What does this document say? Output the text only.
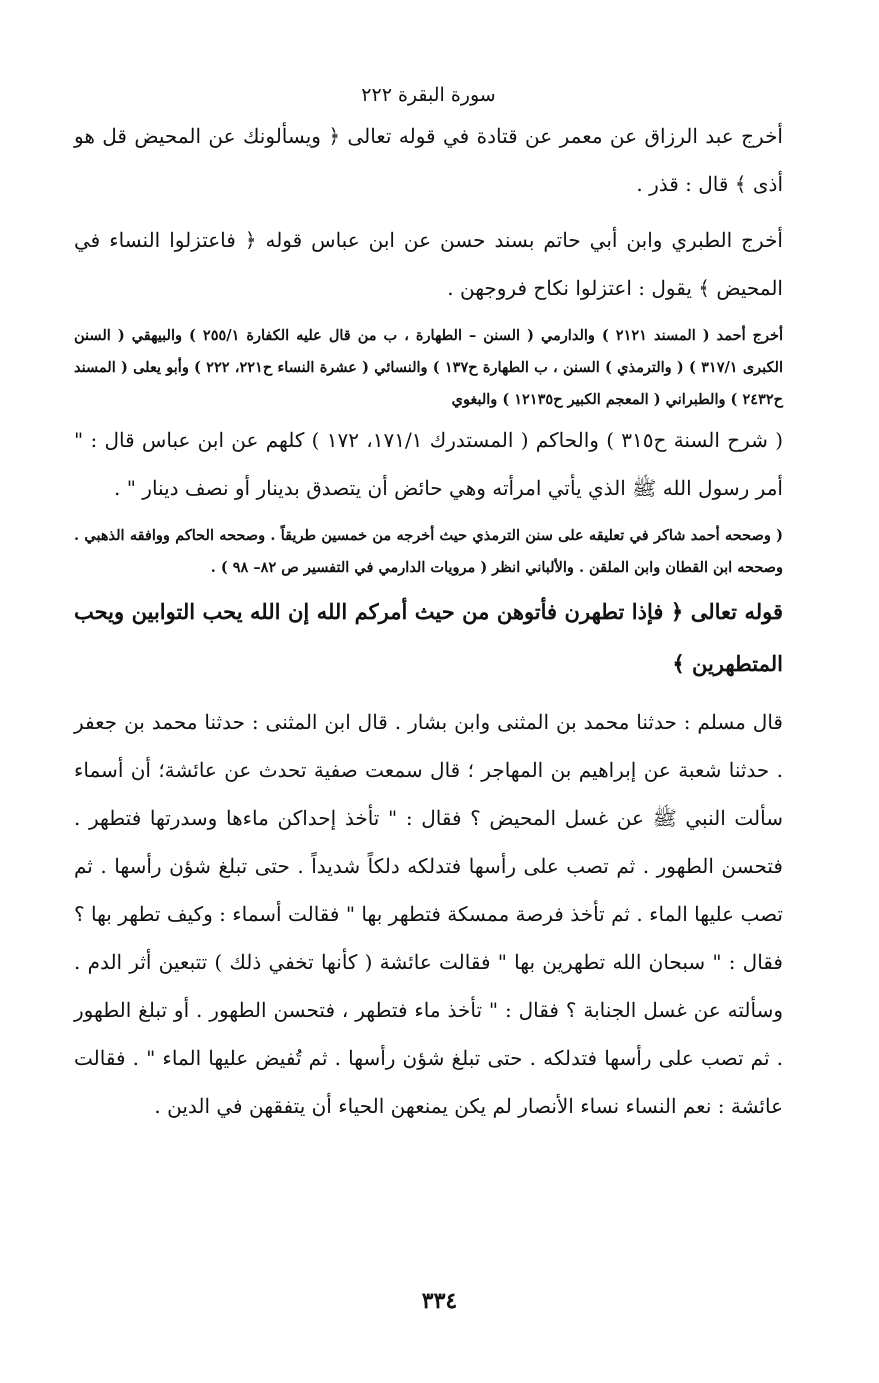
سورة البقرة ٢٢٢

أخرج عبد الرزاق عن معمر عن قتادة في قوله تعالى ﴿ ويسألونك عن المحيض قل هو أذى ﴾ قال : قذر .

أخرج الطبري وابن أبي حاتم بسند حسن عن ابن عباس قوله ﴿ فاعتزلوا النساء في المحيض ﴾ يقول : اعتزلوا نكاح فروجهن .

أخرج أحمد ( المسند ٢١٢١ ) والدارمي ( السنن – الطهارة ، ب من قال عليه الكفارة ٢٥٥/١ ) والبيهقي ( السنن الكبرى ٣١٧/١ ) ( والترمذي ) السنن ، ب الطهارة ح١٣٧ ) والنسائي ( عشرة النساء ح٢٢١، ٢٢٢ ) وأبو يعلى ( المسند ح٢٤٣٢ ) والطبراني ( المعجم الكبير ح١٢١٣٥ ) والبغوي

( شرح السنة ح٣١٥ ) والحاكم ( المستدرك ١٧١/١، ١٧٢ ) كلهم عن ابن عباس قال : " أمر رسول الله ﷺ الذي يأتي امرأته وهي حائض أن يتصدق بدينار أو نصف دينار " .

( وصححه أحمد شاكر في تعليقه على سنن الترمذي حيث أخرجه من خمسين طريقاً . وصححه الحاكم ووافقه الذهبي . وصححه ابن القطان وابن الملقن . والألباني انظر ( مرويات الدارمي في التفسير ص ٨٢– ٩٨ ) .

قوله تعالى ﴿ فإذا تطهرن فأتوهن من حيث أمركم الله إن الله يحب التوابين ويحب المتطهرين ﴾

قال مسلم : حدثنا محمد بن المثنى وابن بشار . قال ابن المثنى : حدثنا محمد بن جعفر . حدثنا شعبة عن إبراهيم بن المهاجر ؛ قال سمعت صفية تحدث عن عائشة؛ أن أسماء سألت النبي ﷺ عن غسل المحيض ؟ فقال : " تأخذ إحداكن ماءها وسدرتها فتطهر . فتحسن الطهور . ثم تصب على رأسها فتدلكه دلكاً شديداً . حتى تبلغ شؤن رأسها . ثم تصب عليها الماء . ثم تأخذ فرصة ممسكة فتطهر بها " فقالت أسماء : وكيف تطهر بها ؟ فقال : " سبحان الله تطهرين بها " فقالت عائشة ( كأنها تخفي ذلك ) تتبعين أثر الدم . وسألته عن غسل الجنابة ؟ فقال : " تأخذ ماء فتطهر ، فتحسن الطهور . أو تبلغ الطهور . ثم تصب على رأسها فتدلكه . حتى تبلغ شؤن رأسها . ثم تُفيض عليها الماء " . فقالت عائشة : نعم النساء نساء الأنصار لم يكن يمنعهن الحياء أن يتفقهن في الدين .

٣٣٤
